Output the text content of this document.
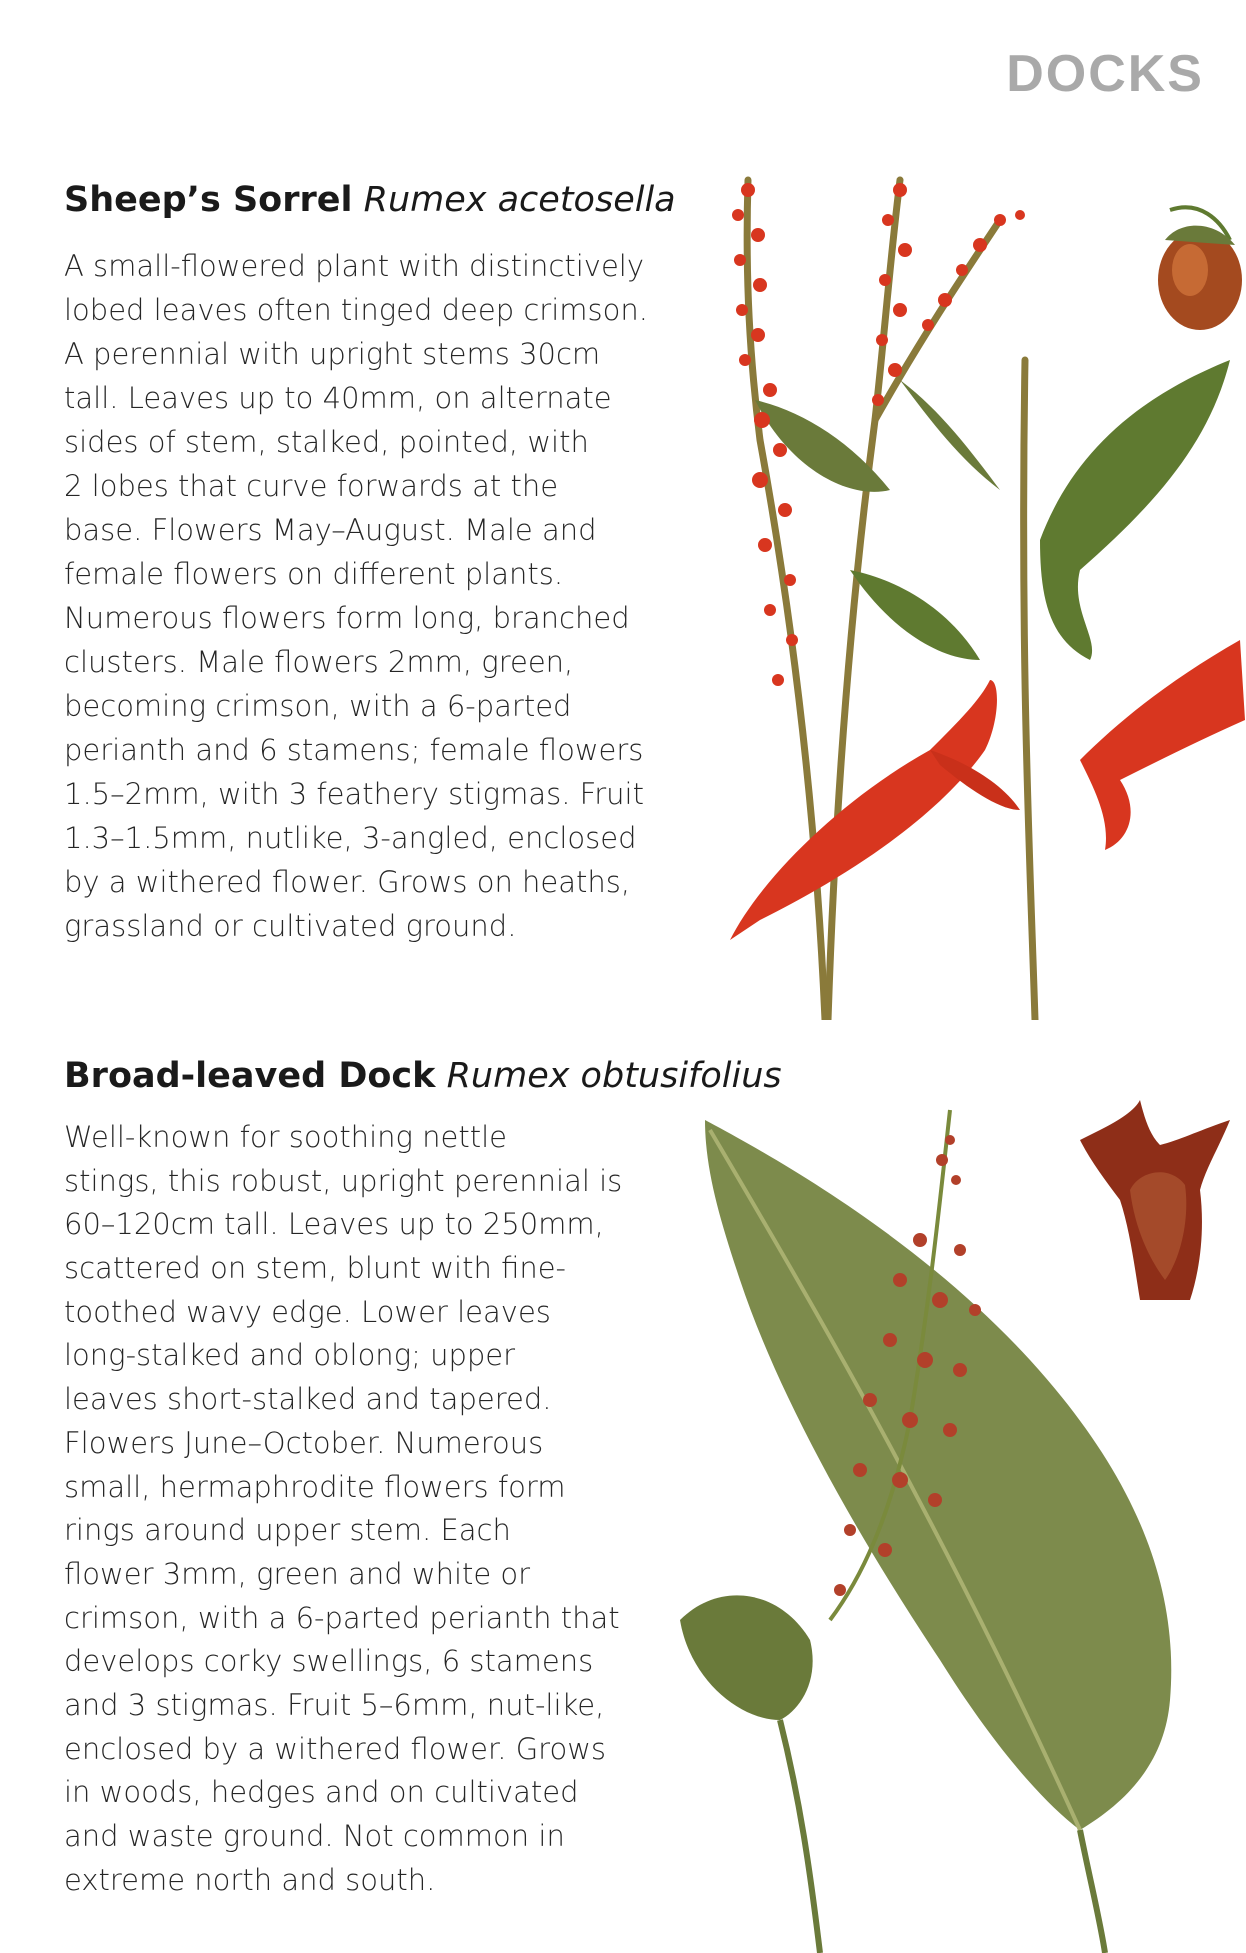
DOCKS
Sheep’s Sorrel Rumex acetosella
A small-flowered plant with distinctively
lobed leaves often tinged deep crimson.
A perennial with upright stems 30cm
tall. Leaves up to 40mm, on alternate
sides of stem, stalked, pointed, with
2 lobes that curve forwards at the
base. Flowers May–August. Male and
female flowers on different plants.
Numerous flowers form long, branched
clusters. Male flowers 2mm, green,
becoming crimson, with a 6-parted
perianth and 6 stamens; female flowers
1.5–2mm, with 3 feathery stigmas. Fruit
1.3–1.5mm, nutlike, 3-angled, enclosed
by a withered flower. Grows on heaths,
grassland or cultivated ground.
Broad-leaved Dock Rumex obtusifolius
Well-known for soothing nettle
stings, this robust, upright perennial is
60–120cm tall. Leaves up to 250mm,
scattered on stem, blunt with fine-
toothed wavy edge. Lower leaves
long-stalked and oblong; upper
leaves short-stalked and tapered.
Flowers June–October. Numerous
small, hermaphrodite flowers form
rings around upper stem. Each
flower 3mm, green and white or
crimson, with a 6-parted perianth that
develops corky swellings, 6 stamens
and 3 stigmas. Fruit 5–6mm, nut-like,
enclosed by a withered flower. Grows
in woods, hedges and on cultivated
and waste ground. Not common in
extreme north and south.
